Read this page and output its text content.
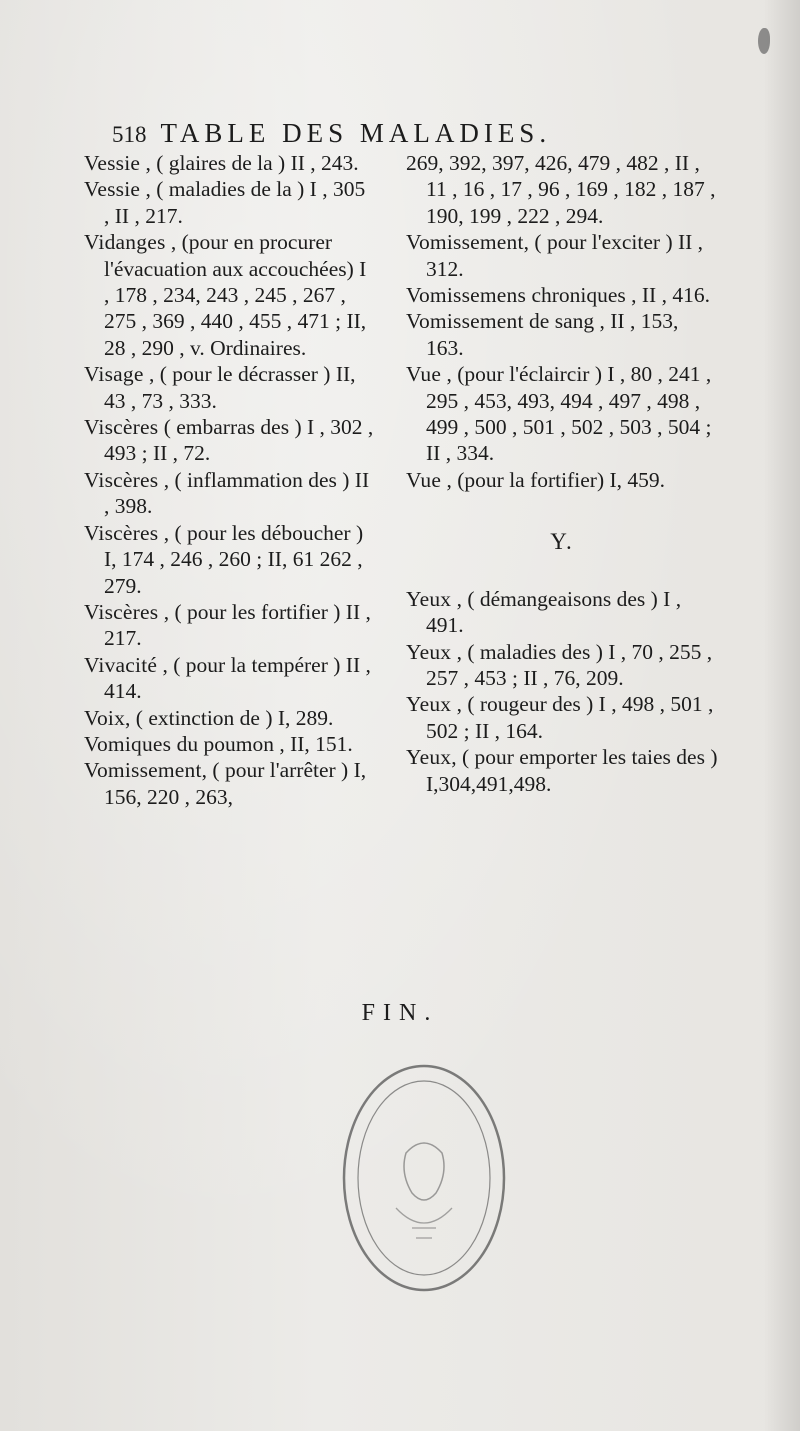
518 TABLE DES MALADIES.
Vessie , ( glaires de la ) II , 243.
Vessie , ( maladies de la ) I , 305 , II , 217.
Vidanges , (pour en procurer l'évacuation aux accouchées) I , 178 , 234, 243 , 245 , 267 , 275 , 369 , 440 , 455 , 471 ; II, 28 , 290 , v. Ordinaires.
Visage , ( pour le décrasser ) II, 43 , 73 , 333.
Viscères ( embarras des ) I , 302 , 493 ; II , 72.
Viscères , ( inflammation des ) II , 398.
Viscères , ( pour les déboucher ) I, 174 , 246 , 260 ; II, 61 262 , 279.
Viscères , ( pour les fortifier ) II , 217.
Vivacité , ( pour la tempérer ) II , 414.
Voix, ( extinction de ) I, 289.
Vomiques du poumon , II, 151.
Vomissement, ( pour l'arrêter ) I, 156, 220 , 263,
269, 392, 397, 426, 479 , 482 , II , 11 , 16 , 17 , 96 , 169 , 182 , 187 , 190, 199 , 222 , 294.
Vomissement, ( pour l'exciter ) II , 312.
Vomissemens chroniques , II , 416.
Vomissement de sang , II , 153, 163.
Vue , (pour l'éclaircir ) I , 80 , 241 , 295 , 453, 493, 494 , 497 , 498 , 499 , 500 , 501 , 502 , 503 , 504 ; II , 334.
Vue , (pour la fortifier) I, 459.
Y.
Yeux , ( démangeaisons des ) I , 491.
Yeux , ( maladies des ) I , 70 , 255 , 257 , 453 ; II , 76, 209.
Yeux , ( rougeur des ) I , 498 , 501 , 502 ; II , 164.
Yeux, ( pour emporter les taies des ) I,304,491,498.
FIN.
